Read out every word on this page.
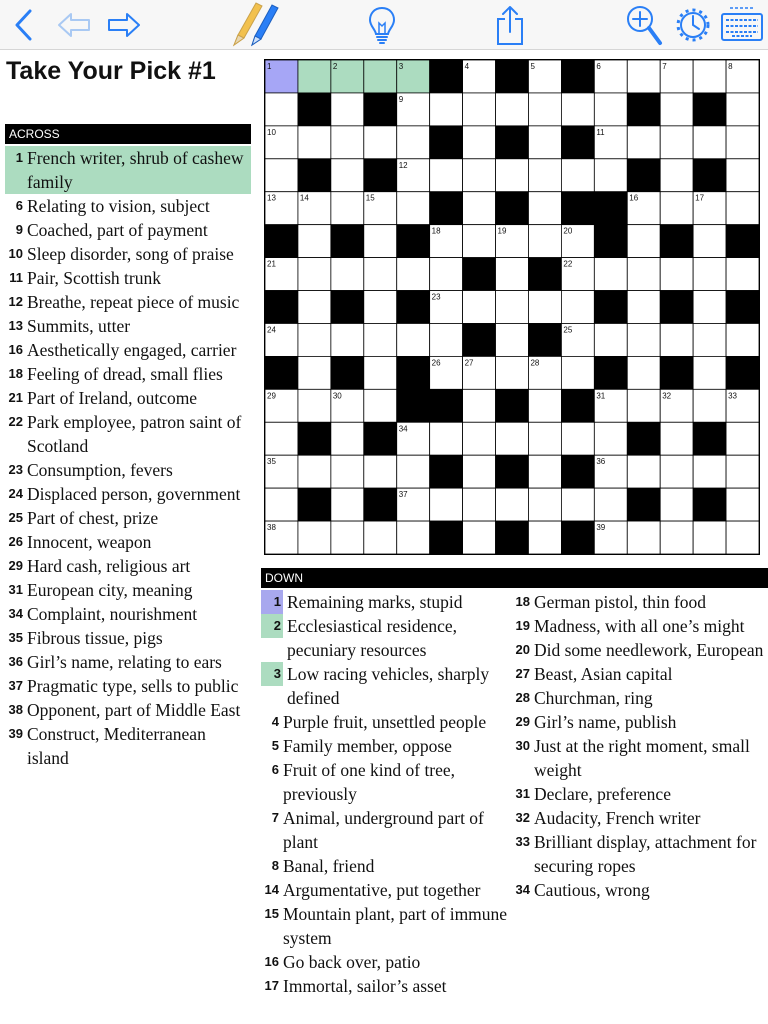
Take Your Pick #1
ACROSS
1 French writer, shrub of cashew family
6 Relating to vision, subject
9 Coached, part of payment
10 Sleep disorder, song of praise
11 Pair, Scottish trunk
12 Breathe, repeat piece of music
13 Summits, utter
16 Aesthetically engaged, carrier
18 Feeling of dread, small flies
21 Part of Ireland, outcome
22 Park employee, patron saint of Scotland
23 Consumption, fevers
24 Displaced person, government
25 Part of chest, prize
26 Innocent, weapon
29 Hard cash, religious art
31 European city, meaning
34 Complaint, nourishment
35 Fibrous tissue, pigs
36 Girl’s name, relating to ears
37 Pragmatic type, sells to public
38 Opponent, part of Middle East
39 Construct, Mediterranean island
1	2	3	4	5	6	7	8
9
10	11
12
13	14	15	16	17
18	19	20
21	22
23
24	25
26	27	28
29	30	31	32	33
34
35	36
37
38	39
DOWN
1 Remaining marks, stupid
2 Ecclesiastical residence, pecuniary resources
3 Low racing vehicles, sharply defined
4 Purple fruit, unsettled people
5 Family member, oppose
6 Fruit of one kind of tree, previously
7 Animal, underground part of plant
8 Banal, friend
14 Argumentative, put together
15 Mountain plant, part of immune system
16 Go back over, patio
17 Immortal, sailor’s asset
18 German pistol, thin food
19 Madness, with all one’s might
20 Did some needlework, European
27 Beast, Asian capital
28 Churchman, ring
29 Girl’s name, publish
30 Just at the right moment, small weight
31 Declare, preference
32 Audacity, French writer
33 Brilliant display, attachment for securing ropes
34 Cautious, wrong
